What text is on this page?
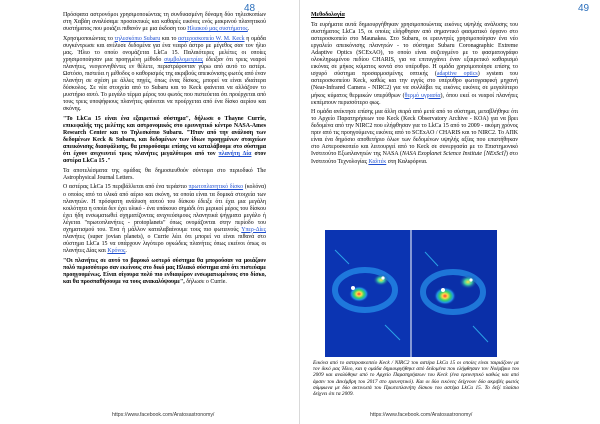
48

Πρόσφατα αστρονόμοι χρησιμοποιώντας τη συνδυασμένη δύναμη δύο τηλεσκοπίων στη Χαβάη αναλύσαμε προσεκτικές και καθαρές εικόνες ενός μακρινού πλανητικού συστήματος που μοιάζει πιθανόν με μια έκδοση του Ηλιακού μας συστήματος.

Χρησιμοποιώντας το τηλεσκόπιο Subaru και το αστεροσκοπείο W. M. Keck η ομάδα συγκέντρωσε και ανέλυσε δεδομένα για ένα νεαρό άστρο με μέγεθος σαν τον ήλιο μας. Ήλιο το οποίο ονομάζεται LkCa 15. Παλαιότερες μελέτες οι οποίες χρησιμοποίησαν μια προηγμένη μέθοδο συμβολομετρίας έδειξαν ότι τρεις νεαροί πλανήτες, νεογεννηθέντες εν θέλετε, περιστρέφονταν γύρω από αυτό το αστέρι. Ωστόσο, πιστεύει η μέθοδος ο καθορισμός της ακριβούς απεικόνισης φωτός από έναν πλανήτη σε σχέση με άλλες πηγές, όπως ένας δίσκος, μπορεί να είναι ιδιαίτερα δύσκολος. Σε νέα στοιχεία από το Subaru και το Keck φαίνεται να αλλάζουν το μυστήριο αυτό. Το μεγάλο τέρμα μέρος του φωτός που πιστεύεται ότι προέρχεται από τους τρεις υποψήφιους πλανήτες φαίνεται να προέρχεται από ένα δίσκο αερίου και σκόνης.

"Το LkCa 15 είναι ένα εξαιρετικό σύστημα", δήλωσε ο Thayne Currie, επικεφαλής της μελέτης και αστρονομικός στο ερευνητικό κέντρο NASA-Ames Research Center και το Τηλεσκόπιο Subaru. "Ήταν από την ανάλυση των δεδομένων Keck & Subaru, και δεδομένων των ίδιων προηγμένων στοιχείων απεικόνισης διασφάλισης, θα μπορούσαμε επίσης να καταλάβουμε στο σύστημα ότι έχουν ανιχνευτεί τρεις πλανήτες μεγαλύτεροι από τον πλανήτη Δία στον αστέρα LkCa 15 ."

Τα αποτελέσματα της ομάδας θα δημοσιευθούν σύντομα στο περιοδικό The Astrophysical Journal Letters.

Ο αστέρας LkCa 15 περιβάλλεται από ένα τεράστιο πρωτοπλανητικό δίσκο (κολόνα) ο οποίος από τα υλικά από αέριο και σκόνη, τα οποία είναι τα δομικά στοιχεία των πλανητών. Η πρόσφατη ανάλυση αυτού του δίσκου έδειξε ότι έχει μια μεγάλη κοιλότητα η οποία δεν έχει υλικό - ένα υπάκουο σημάδι ότι μερικοί μέρος του δίσκου έχει ήδη ενσωματωθεί σχηματίζοντας ανιχνεύσιμους πλανητικά ψήγματα μεγάλο ή λέγεται "πρωτοπλανήτες - protoplanets" όπως ονομάζονται στην περίοδο του σχηματισμού του. Ένα ή μάλλον καταλαβαίνουμε τους πιο φωτεινούς Υπερ-Δίες πλανήτες (super jovian planets), ο Currie λέει ότι μπορεί να είναι πιθανά στο σύστημα LkCa 15 να υπάρχουν λιγότερο ογκώδεις πλανήτες όπως εκείνοι όπως οι πλανήτες Δίας και Κρόνος.

"Οι πλανήτες σε αυτό το βαρυκό ωστερό σύστημα θα μπορούσαν να μοιάζουν πολύ περισσότερο σαν εκείνους στο δικό μας Ηλιακό σύστημα από ότι πιστεύαμε προηγουμένως. Είναι σίγουρα πολύ πιο ενδιαφέρον ενσωματωμένους στο δίσκο, και θα προσπαθήσουμε να τους ανακαλύψουμε", δήλωσε ο Currie.

https://www.facebook.com/Aratosastronomy/
49
Μεθοδολογία

Τα ευρήματα αυτά δημιουργήθηκαν χρησιμοποιώντας εικόνες υψηλής ανάλυσης του συστήματος LkCa 15, οι οποίες ελήφθησαν από σημαντικό φασματικό όργανο στο αστεροσκοπείο στο Maunakea. Στο Subaru, οι ερευνητές χρησιμοποίησαν ένα νέο εργαλείο απεικόνισης πλανητών - το σύστημα Subaru Coronagraphic Extreme Adaptive Optics (SCExAO), το οποίο είναι συζευγμένο με το φασματογράφο ολοκληρωμένου πεδίου CHARIS, για να επιτυγχάνει έναν εξαιρετικό καθαρισμό εικόνας σε μήκος κύματος κοντά στο υπέρυθρο. Η ομάδα χρησιμοποίησε επίσης το ισχυρό σύστημα προσαρμοσμένης οπτικής (adaptive optics) system του αστεροσκοπείου Keck, καθώς και την εγγύς στο υπέρυθρο φωτογραφική μηχανή (Near-Infrared Camera - NIRC2) για να συλλάβει τις εικόνες εικόνες σε μεγαλύτερο μήκος κύματος θερμικών υπερύθρων (θερμό υγρασία), όπου εκεί οι νεαροί πλανήτες εκπέμπουν περισσότερο φως.

Η ομάδα ανέκτησε επίσης μια άλλη σειρά από μετά από το σύστημα, μεταβλήθηκε ότι το Αρχείο Παρατηρήσεων του Keck (Keck Observatory Archive - KOA) για να βρει δεδομένα από την NIRC2 που ελήφθησαν για το LkCa 15 από το 2009 - ακόμη χρόνος πριν από τις προηγούμενες εικόνες από το SCExAO / CHARIS και το NIRC2. Το ΑΠΚ είναι ένα δημόσιο αποθετήριο όλων των δεδομένων υψηλής αξίας που επιστήθηκαν στο Αστεροσκοπείο και λειτουργεί από το Keck σε συνεργασία με το Επιστημονικό Ινστιτούτο Εξωπλανητών της NASA (NASA Exoplanet Science Institute [NExScI]) στο Ινστιτούτο Τεχνολογίας Καλτέκ στη Καλιφόρνια.

Εικόνα από το αστεροσκοπείο Keck / NIRC2 του αστέρα LkCa 15 οι οποίες είναι ταιριάζουν με τον δικό μας Ήλιο, και η ομάδα δημιουργήθηκε από δεδομένα που ελήφθησαν τον Νοέμβριο του 2009 και αναλύθηκε από το Αρχείο Παρατηρήσεων του Keck (ένα ερευνητικό καθώς και από άρσεν του Δεκέμβρη του 2017 στο ερευνητικό). Και οι δύο εικόνες δείχνουν δύο ακριβές φωτός σύμφωνα με δύο ακτινωτά του Πρωτοπλανήτη δίσκου του αστέρα LkCa 15. Το δεξί πλαίσιο δείχνει ότι τα 2009.
https://www.facebook.com/Aratosastronomy/
